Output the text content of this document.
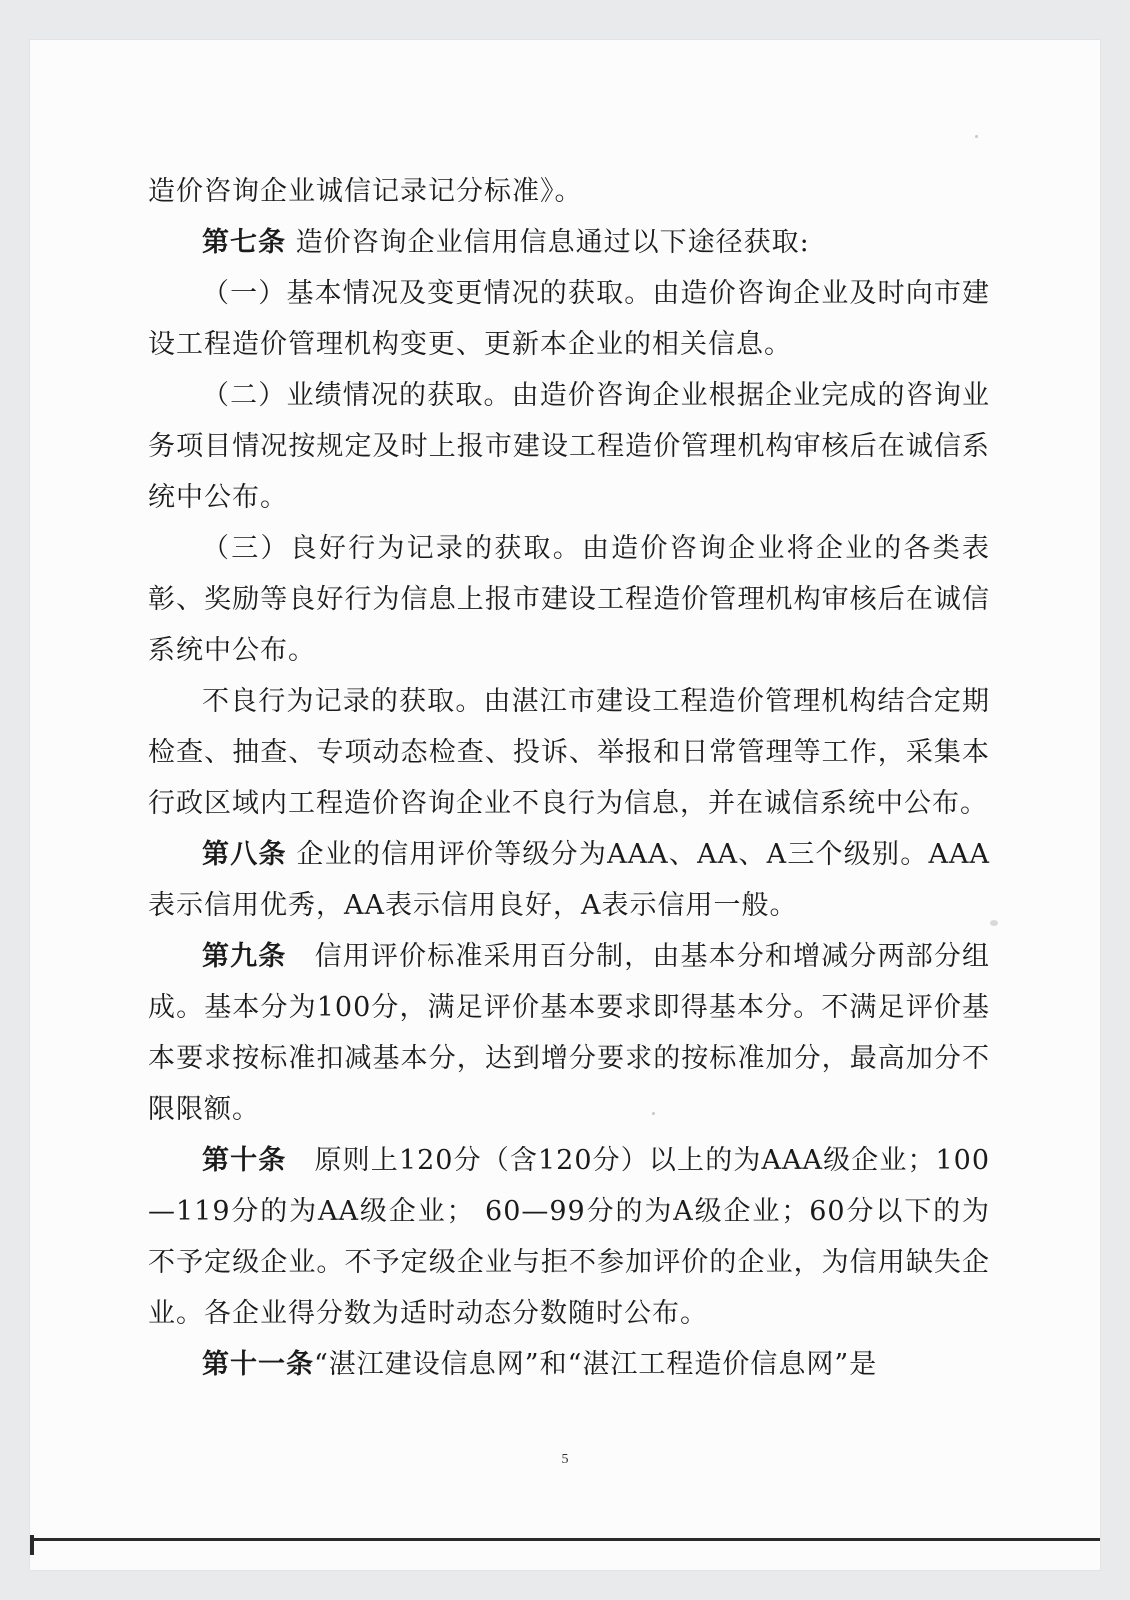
造价咨询企业诚信记录记分标准》。

第七条 造价咨询企业信用信息通过以下途径获取:

（一）基本情况及变更情况的获取。由造价咨询企业及时向市建设工程造价管理机构变更、更新本企业的相关信息。

（二）业绩情况的获取。由造价咨询企业根据企业完成的咨询业务项目情况按规定及时上报市建设工程造价管理机构审核后在诚信系统中公布。

（三）良好行为记录的获取。由造价咨询企业将企业的各类表彰、奖励等良好行为信息上报市建设工程造价管理机构审核后在诚信系统中公布。

不良行为记录的获取。由湛江市建设工程造价管理机构结合定期检查、抽查、专项动态检查、投诉、举报和日常管理等工作，采集本行政区域内工程造价咨询企业不良行为信息，并在诚信系统中公布。

第八条 企业的信用评价等级分为AAA、AA、A三个级别。AAA表示信用优秀，AA表示信用良好，A表示信用一般。

第九条　 信用评价标准采用百分制，由基本分和增减分两部分组成。基本分为100分，满足评价基本要求即得基本分。不满足评价基本要求按标准扣减基本分，达到增分要求的按标准加分，最高加分不限限额。

第十条　 原则上120分（含120分）以上的为AAA级企业；100—119分的为AA级企业； 60—99分的为A级企业；60分以下的为不予定级企业。不予定级企业与拒不参加评价的企业，为信用缺失企业。各企业得分数为适时动态分数随时公布。

第十一条“湛江建设信息网”和“湛江工程造价信息网”是

5
